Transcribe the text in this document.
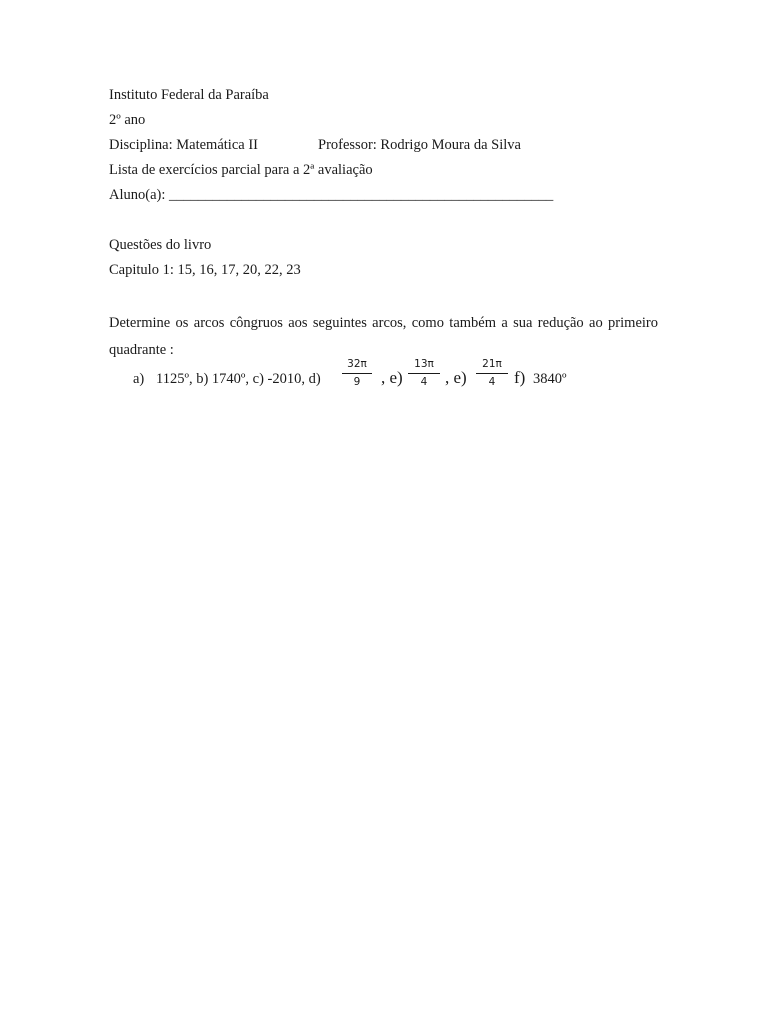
Instituto Federal da Paraíba
2º ano
Disciplina: Matemática II	Professor: Rodrigo Moura da Silva
Lista de exercícios parcial para a 2ª avaliação
Aluno(a): _____________________________________________________
Questões do livro
Capitulo 1: 15, 16, 17, 20, 22, 23
Determine os arcos côngruos aos seguintes arcos, como também a sua redução ao primeiro quadrante :
a) 1125º, b) 1740º, c) -2010, $d) \frac{32\pi}{9}$ , $e) \frac{13\pi}{4}$ , $e) \frac{21\pi}{4} f$) 3840º
